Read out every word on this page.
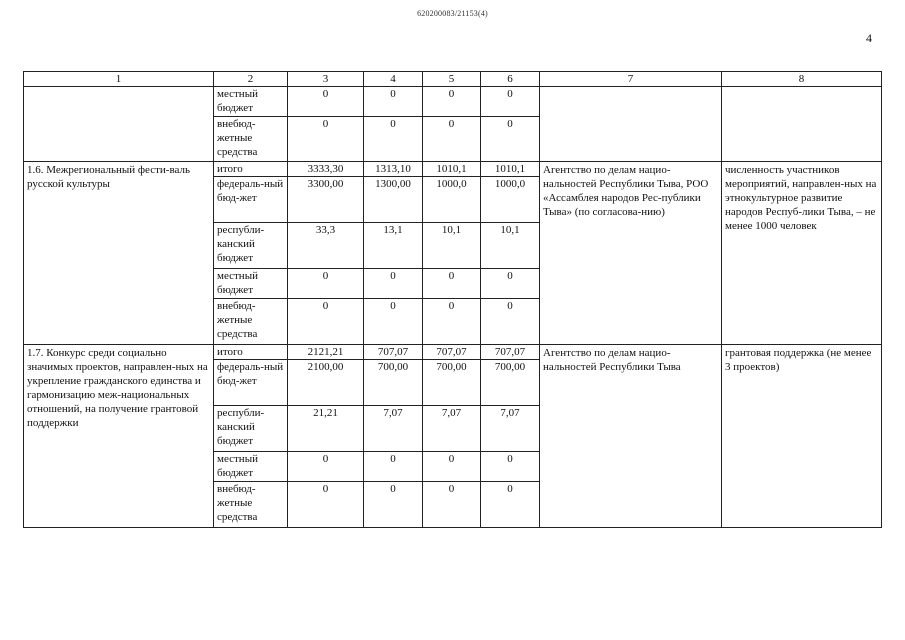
620200083/21153(4)
4
1	2	3	4	5	6	7	8
	местный бюджет	0	0	0	0		
	внебюд-жетные средства	0	0	0	0		
1.6. Межрегиональный фести-валь русской культуры	итого	3333,30	1313,10	1010,1	1010,1	Агентство по делам нацио-нальностей Республики Тыва, РОО «Ассамблея народов Рес-публики Тыва» (по согласова-нию)	численность участников мероприятий, направлен-ных на этнокультурное развитие народов Респуб-лики Тыва, – не менее 1000 человек
	федераль-ный бюд-жет	3300,00	1300,00	1000,0	1000,0		
	республи-канский бюджет	33,3	13,1	10,1	10,1		
	местный бюджет	0	0	0	0		
	внебюд-жетные средства	0	0	0	0		
1.7. Конкурс среди социально значимых проектов, направлен-ных на укрепление гражданского единства и гармонизацию меж-национальных отношений, на получение грантовой поддержки	итого	2121,21	707,07	707,07	707,07	Агентство по делам нацио-нальностей Республики Тыва	грантовая поддержка (не менее 3 проектов)
	федераль-ный бюд-жет	2100,00	700,00	700,00	700,00		
	республи-канский бюджет	21,21	7,07	7,07	7,07		
	местный бюджет	0	0	0	0		
	внебюд-жетные средства	0	0	0	0		
